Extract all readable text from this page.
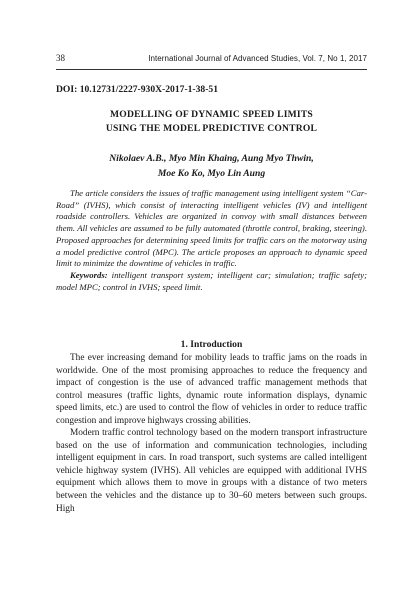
38	International Journal of Advanced Studies, Vol. 7, No 1, 2017
DOI: 10.12731/2227-930X-2017-1-38-51
MODELLING OF DYNAMIC SPEED LIMITS
USING THE MODEL PREDICTIVE CONTROL
Nikolaev A.B., Myo Min Khaing, Aung Myo Thwin,
Moe Ko Ko, Myo Lin Aung

The article considers the issues of traffic management using intelligent system “Car-Road” (IVHS), which consist of interacting intelligent vehicles (IV) and intelligent roadside controllers. Vehicles are organized in convoy with small distances between them. All vehicles are assumed to be fully automated (throttle control, braking, steering). Proposed approaches for determining speed limits for traffic cars on the motorway using a model predictive control (MPC). The article proposes an approach to dynamic speed limit to minimize the downtime of vehicles in traffic.

Keywords: intelligent transport system; intelligent car; simulation; traffic safety; model MPC; control in IVHS; speed limit.

1. Introduction

The ever increasing demand for mobility leads to traffic jams on the roads in worldwide. One of the most promising approaches to reduce the frequency and impact of congestion is the use of advanced traffic management methods that control measures (traffic lights, dynamic route information displays, dynamic speed limits, etc.) are used to control the flow of vehicles in order to reduce traffic congestion and improve highways crossing abilities.

Modern traffic control technology based on the modern transport infrastructure based on the use of information and communication technologies, including intelligent equipment in cars. In road transport, such systems are called intelligent vehicle highway system (IVHS). All vehicles are equipped with additional IVHS equipment which allows them to move in groups with a distance of two meters between the vehicles and the distance up to 30–60 meters between such groups. High
